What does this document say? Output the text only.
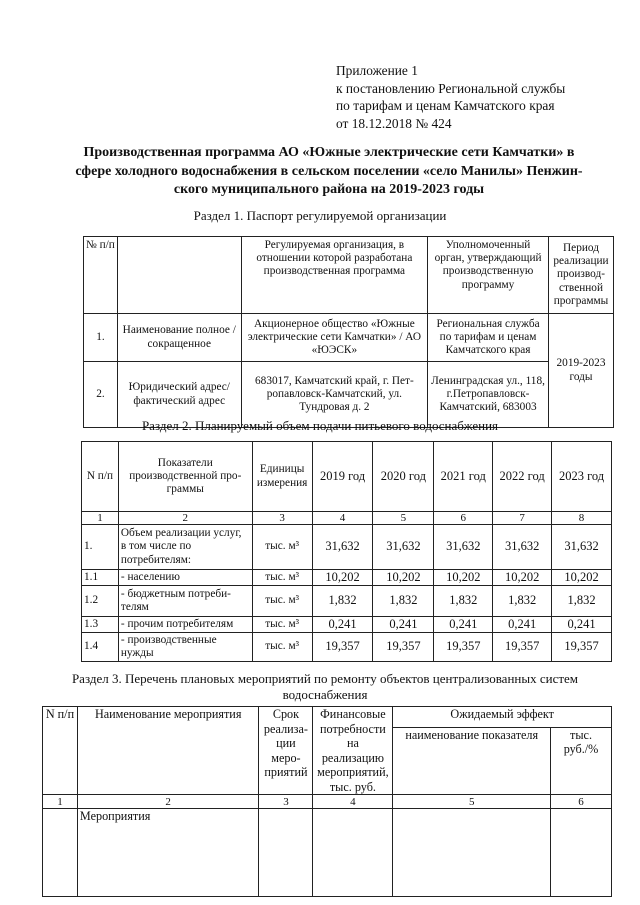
Приложение 1
к постановлению Региональной службы
по тарифам и ценам Камчатского края
от 18.12.2018 № 424
Производственная программа АО «Южные электрические сети Камчатки» в
сфере холодного водоснабжения в сельском поселении «село Манилы» Пенжин-
ского муниципального района на 2019-2023 годы
Раздел 1. Паспорт регулируемой организации
№ п/п		Регулируемая организация, в отношении которой разработана производственная программа	Уполномоченный орган, утверждающий производственную программу	Период реализации производ-ственной программы
1.	Наименование полное / сокращенное	Акционерное общество «Южные электрические сети Камчатки» / АО «ЮЭСК»	Региональная служба по тарифам и ценам Камчатского края	2019-2023 годы
2.	Юридический адрес/фактический адрес	683017, Камчатский край, г. Пет-ропавловск-Камчатский, ул. Тундровая д. 2	Ленинградская ул., 118, г.Петропавловск-Камчатский, 683003	
Раздел 2. Планируемый объем подачи питьевого водоснабжения
N п/п	Показатели производственной про-граммы	Единицы измерения	2019 год	2020 год	2021 год	2022 год	2023 год
1	2	3	4	5	6	7	8
1.	Объем реализации услуг, в том числе по потребителям:	тыс. м³	31,632	31,632	31,632	31,632	31,632
1.1	- населению	тыс. м³	10,202	10,202	10,202	10,202	10,202
1.2	- бюджетным потреби-телям	тыс. м³	1,832	1,832	1,832	1,832	1,832
1.3	- прочим потребителям	тыс. м³	0,241	0,241	0,241	0,241	0,241
1.4	- производственные нужды	тыс. м³	19,357	19,357	19,357	19,357	19,357
Раздел 3. Перечень плановых мероприятий по ремонту объектов централизованных систем
водоснабжения
N п/п	Наименование мероприятия	Срок реализа-ции меро-приятий	Финансовые потребности на реализацию мероприятий, тыс. руб.	Ожидаемый эффект	
				наименование показателя	тыс. руб./%
1	2	3	4	5	6
	Мероприятия				
